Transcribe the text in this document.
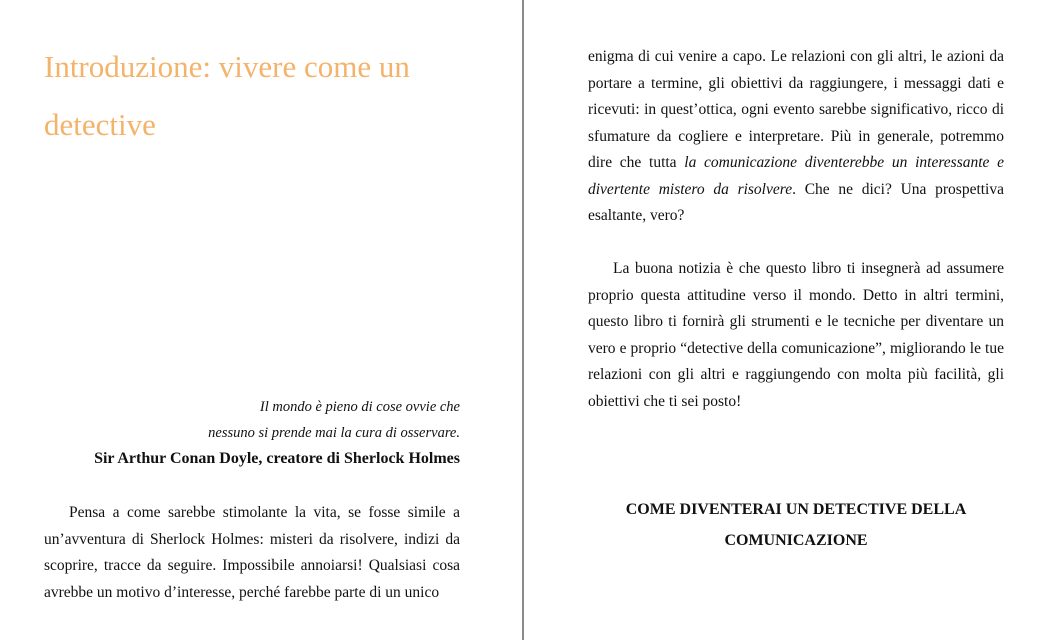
Introduzione: vivere come un detective
Il mondo è pieno di cose ovvie che
nessuno si prende mai la cura di osservare.
Sir Arthur Conan Doyle, creatore di Sherlock Holmes

Pensa a come sarebbe stimolante la vita, se fosse simile a un’avventura di Sherlock Holmes: misteri da risolvere, indizi da scoprire, tracce da seguire. Impossibile annoiarsi! Qualsiasi cosa avrebbe un motivo d’interesse, perché farebbe parte di un unico

enigma di cui venire a capo. Le relazioni con gli altri, le azioni da portare a termine, gli obiettivi da raggiungere, i messaggi dati e ricevuti: in quest’ottica, ogni evento sarebbe significativo, ricco di sfumature da cogliere e interpretare. Più in generale, potremmo dire che tutta la comunicazione diventerebbe un interessante e divertente mistero da risolvere. Che ne dici? Una prospettiva esaltante, vero?

La buona notizia è che questo libro ti insegnerà ad assumere proprio questa attitudine verso il mondo. Detto in altri termini, questo libro ti fornirà gli strumenti e le tecniche per diventare un vero e proprio “detective della comunicazione”, migliorando le tue relazioni con gli altri e raggiungendo con molta più facilità, gli obiettivi che ti sei posto!

COME DIVENTERAI UN DETECTIVE DELLA COMUNICAZIONE
